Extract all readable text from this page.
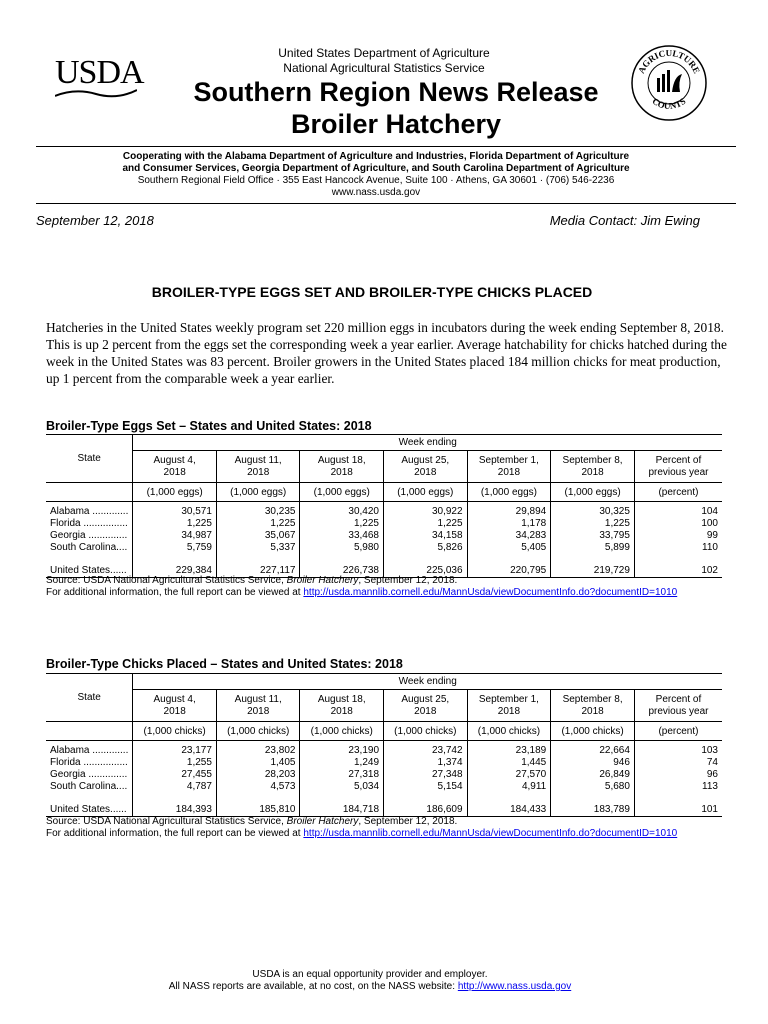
USDA
United States Department of Agriculture
National Agricultural Statistics Service
Southern Region News Release
Broiler Hatchery
AGRICULTURE
COUNTS
Cooperating with the Alabama Department of Agriculture and Industries, Florida Department of Agriculture
and Consumer Services, Georgia Department of Agriculture, and South Carolina Department of Agriculture
Southern Regional Field Office · 355 East Hancock Avenue, Suite 100 · Athens, GA 30601 · (706) 546-2236
www.nass.usda.gov
September 12, 2018	Media Contact: Jim Ewing
BROILER-TYPE EGGS SET AND BROILER-TYPE CHICKS PLACED
Hatcheries in the United States weekly program set 220 million eggs in incubators during the week ending September 8, 2018. This is up 2 percent from the eggs set the corresponding week a year earlier. Average hatchability for chicks hatched during the week in the United States was 83 percent. Broiler growers in the United States placed 184 million chicks for meat production, up 1 percent from the comparable week a year earlier.
Broiler-Type Eggs Set – States and United States: 2018
State	Week ending						
	August 4,
2018	August 11,
2018	August 18,
2018	August 25,
2018	September 1,
2018	September 8,
2018	Percent of
previous year
	(1,000 eggs)	(1,000 eggs)	(1,000 eggs)	(1,000 eggs)	(1,000 eggs)	(1,000 eggs)	(percent)

Alabama .............	30,571	30,235	30,420	30,922	29,894	30,325	104
Florida ................	1,225	1,225	1,225	1,225	1,178	1,225	100
Georgia ..............	34,987	35,067	33,468	34,158	34,283	33,795	99
South Carolina....	5,759	5,337	5,980	5,826	5,405	5,899	110

United States......	229,384	227,117	226,738	225,036	220,795	219,729	102
Source: USDA National Agricultural Statistics Service, Broiler Hatchery, September 12, 2018.
For additional information, the full report can be viewed at http://usda.mannlib.cornell.edu/MannUsda/viewDocumentInfo.do?documentID=1010
Broiler-Type Chicks Placed – States and United States: 2018
State	Week ending						
	August 4,
2018	August 11,
2018	August 18,
2018	August 25,
2018	September 1,
2018	September 8,
2018	Percent of
previous year
	(1,000 chicks)	(1,000 chicks)	(1,000 chicks)	(1,000 chicks)	(1,000 chicks)	(1,000 chicks)	(percent)

Alabama .............	23,177	23,802	23,190	23,742	23,189	22,664	103
Florida ................	1,255	1,405	1,249	1,374	1,445	946	74
Georgia ..............	27,455	28,203	27,318	27,348	27,570	26,849	96
South Carolina....	4,787	4,573	5,034	5,154	4,911	5,680	113

United States......	184,393	185,810	184,718	186,609	184,433	183,789	101
Source: USDA National Agricultural Statistics Service, Broiler Hatchery, September 12, 2018.
For additional information, the full report can be viewed at http://usda.mannlib.cornell.edu/MannUsda/viewDocumentInfo.do?documentID=1010
USDA is an equal opportunity provider and employer.
All NASS reports are available, at no cost, on the NASS website: http://www.nass.usda.gov
